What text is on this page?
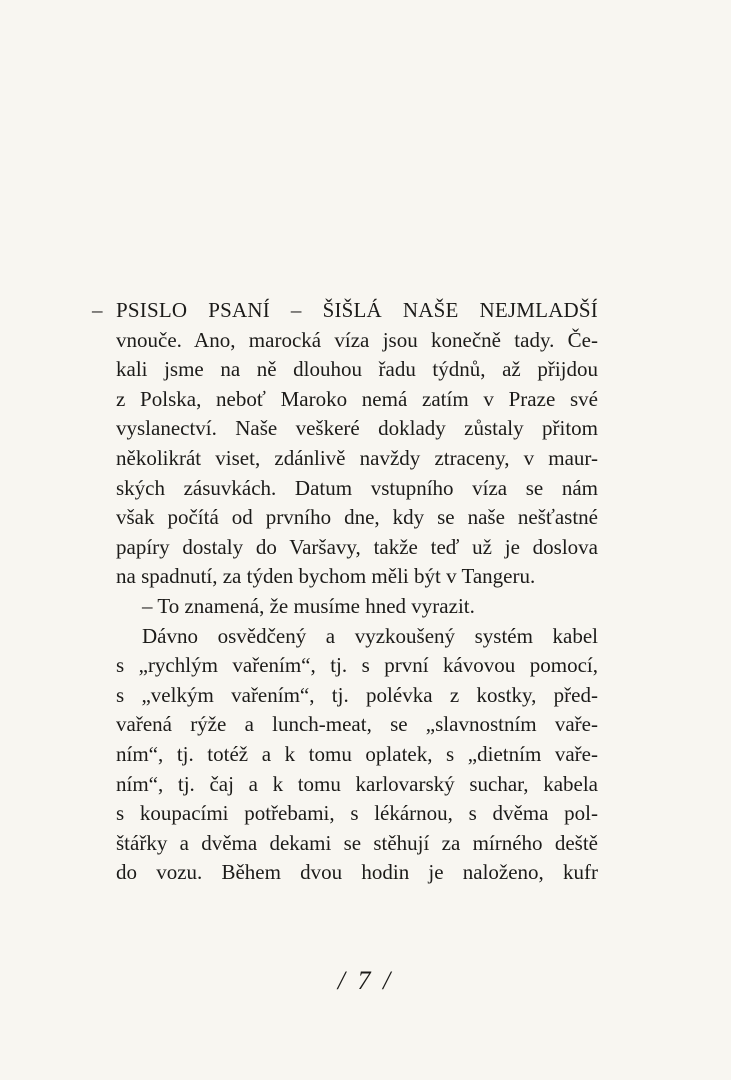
– PSISLO PSANÍ – ŠIŠLÁ NAŠE NEJMLADŠÍ
vnouče. Ano, marocká víza jsou konečně tady. Če-
kali jsme na ně dlouhou řadu týdnů, až přijdou
z Polska, neboť Maroko nemá zatím v Praze své
vyslanectví. Naše veškeré doklady zůstaly přitom
několikrát viset, zdánlivě navždy ztraceny, v maur-
ských zásuvkách. Datum vstupního víza se nám
však počítá od prvního dne, kdy se naše nešťastné
papíry dostaly do Varšavy, takže teď už je doslova
na spadnutí, za týden bychom měli být v Tangeru.
– To znamená, že musíme hned vyrazit.
Dávno osvědčený a vyzkoušený systém kabel
s „rychlým vařením“, tj. s první kávovou pomocí,
s „velkým vařením“, tj. polévka z kostky, před-
vařená rýže a lunch-meat, se „slavnostním vaře-
ním“, tj. totéž a k tomu oplatek, s „dietním vaře-
ním“, tj. čaj a k tomu karlovarský suchar, kabela
s koupacími potřebami, s lékárnou, s dvěma pol-
štářky a dvěma dekami se stěhují za mírného deště
do vozu. Během dvou hodin je naloženo, kufr
/ 7 /
